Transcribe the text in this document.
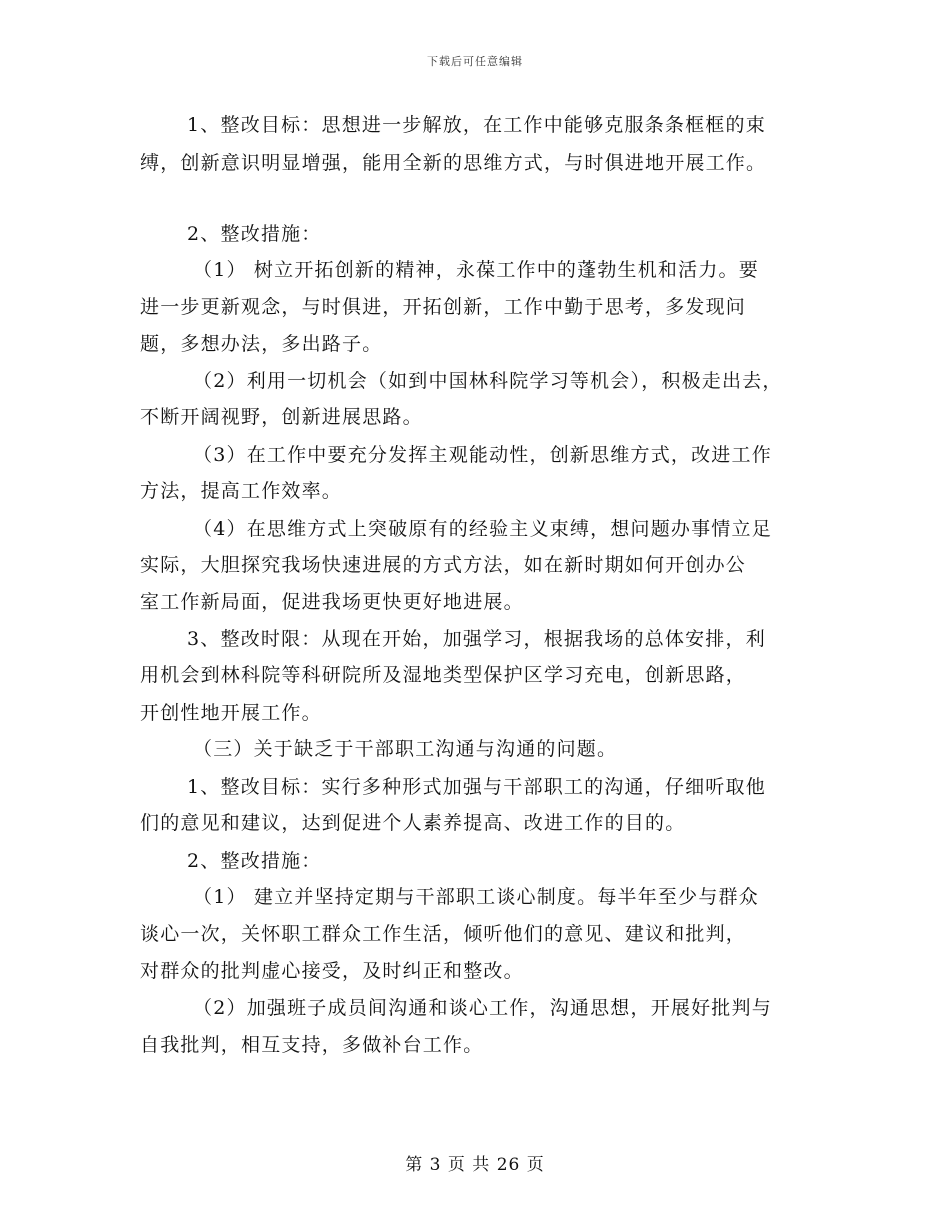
下载后可任意编辑
1、整改目标：思想进一步解放，在工作中能够克服条条框框的束
缚，创新意识明显增强，能用全新的思维方式，与时俱进地开展工作。
2、整改措施：
（1） 树立开拓创新的精神，永葆工作中的蓬勃生机和活力。要
进一步更新观念，与时俱进，开拓创新，工作中勤于思考，多发现问
题，多想办法，多出路子。
（2）利用一切机会（如到中国林科院学习等机会），积极走出去，
不断开阔视野，创新进展思路。
（3）在工作中要充分发挥主观能动性，创新思维方式，改进工作
方法，提高工作效率。
（4）在思维方式上突破原有的经验主义束缚，想问题办事情立足
实际，大胆探究我场快速进展的方式方法，如在新时期如何开创办公
室工作新局面，促进我场更快更好地进展。
3、整改时限：从现在开始，加强学习，根据我场的总体安排，利
用机会到林科院等科研院所及湿地类型保护区学习充电，创新思路，
开创性地开展工作。
（三）关于缺乏于干部职工沟通与沟通的问题。
1、整改目标：实行多种形式加强与干部职工的沟通，仔细听取他
们的意见和建议，达到促进个人素养提高、改进工作的目的。
2、整改措施：
（1） 建立并坚持定期与干部职工谈心制度。每半年至少与群众
谈心一次，关怀职工群众工作生活，倾听他们的意见、建议和批判，
对群众的批判虚心接受，及时纠正和整改。
（2）加强班子成员间沟通和谈心工作，沟通思想，开展好批判与
自我批判，相互支持，多做补台工作。
第 3 页 共 26 页
